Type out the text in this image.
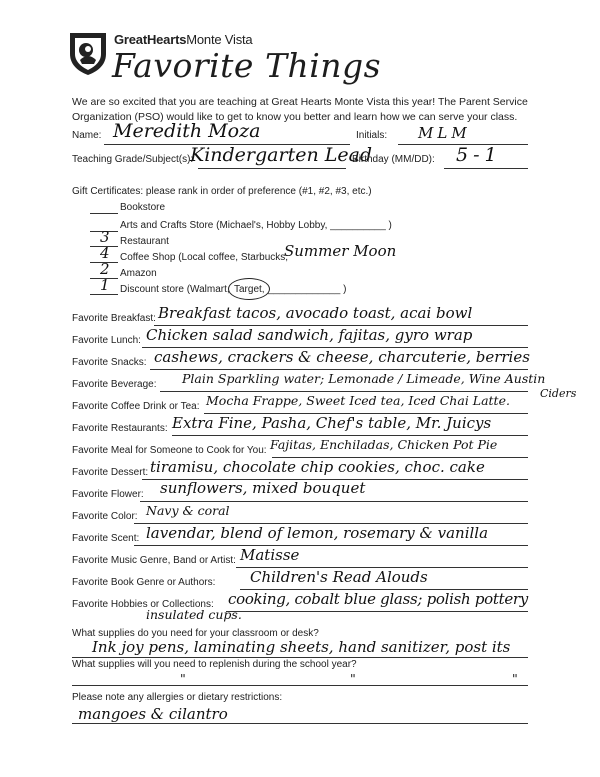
GreatHeartsMonte Vista
Favorite Things
We are so excited that you are teaching at Great Hearts Monte Vista this year! The Parent Service Organization (PSO) would like to get to know you better and learn how we can serve your class.
Name: Meredith Moza	Initials: MLM
Teaching Grade/Subject(s):
Kindergarten Lead
Birthday (MM/DD): 5-1
Gift Certificates: please rank in order of preference (#1, #2, #3, etc.)
Bookstore
Arts and Crafts Store (Michael's, Hobby Lobby, __________ )
3 Restaurant
4 Coffee Shop (Local coffee, Starbucks,
Summer Moon
2 Amazon
1 Discount store (Walmart, Target, _____________ )
Favorite Breakfast: Breakfast tacos, avocado toast, acai bowl
Favorite Lunch: Chicken salad sandwich, fajitas, gyro wrap
Favorite Snacks: cashews, crackers & cheese, charcuterie, berries
Favorite Beverage: Plain Sparkling water; Lemonade / Limeade, Wine Austin
Ciders
Favorite Coffee Drink or Tea: Mocha Frappe, Sweet Iced tea, Iced Chai Latte.
Favorite Restaurants: Extra Fine, Pasha, Chef's table, Mr. Juicys
Favorite Meal for Someone to Cook for You: Fajitas, Enchiladas, Chicken Pot Pie
Favorite Dessert: tiramisu, chocolate chip cookies, choc. cake
Favorite Flower: sunflowers, mixed bouquet
Favorite Color: Navy & coral
Favorite Scent: lavendar, blend of lemon, rosemary & vanilla
Favorite Music Genre, Band or Artist: Matisse
Favorite Book Genre or Authors: Children's Read Alouds
Favorite Hobbies or Collections: cooking, cobalt blue glass; polish pottery
insulated cups.
What supplies do you need for your classroom or desk?
Ink joy pens, laminating sheets, hand sanitizer, post its
What supplies will you need to replenish during the school year?
"	"	"
Please note any allergies or dietary restrictions:
mangoes & cilantro
